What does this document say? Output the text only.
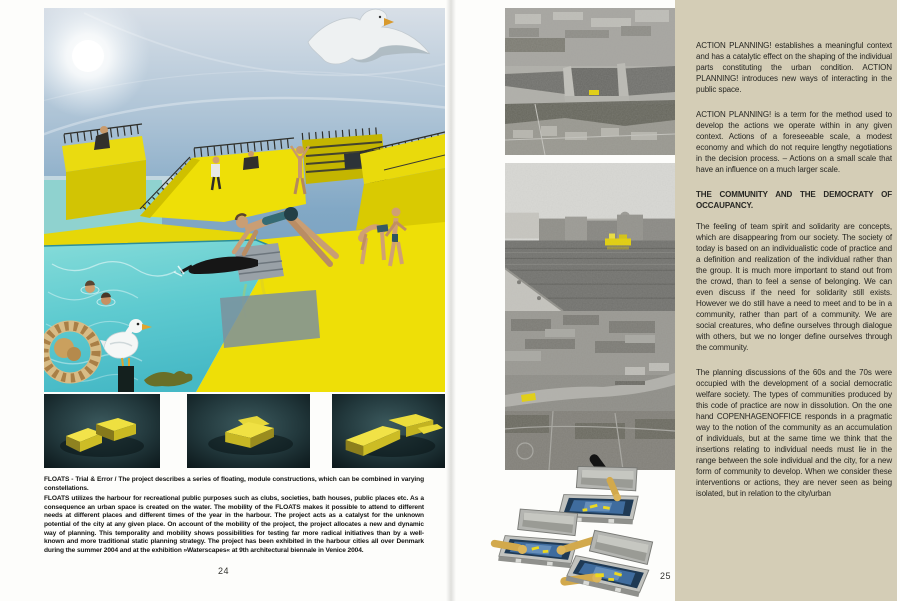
FLOATS - Trial & Error / The project describes a series of floating, module constructions, which can be combined in varying constellations.

FLOATS utilizes the harbour for recreational public purposes such as clubs, societies, bath houses, public places etc. As a consequence an urban space is created on the water. The mobility of the FLOATS makes it possible to attend to different needs at different places and different times of the year in the harbour. The project acts as a catalyst for the unknown potential of the city at any given place. On account of the mobility of the project, the project allocates a new and dynamic way of planning. This temporality and mobility shows possibilities for testing far more radical initiatives than by a well-known and more traditional static planning strategy. The project has been exhibited in the harbour cities all over Denmark during the summer 2004 and at the exhibition »Waterscapes« at 9th architectural biennale in Venice 2004.

24

ACTION PLANNING! establishes a meaningful context and has a catalytic effect on the shaping of the individual parts constituting the urban condition. ACTION PLANNING! introduces new ways of interacting in the public space.

ACTION PLANNING! is a term for the method used to develop the actions we operate within in any given context. Actions of a foreseeable scale, a modest economy and which do not require lengthy negotiations in the decision process. – Actions on a small scale that have an influence on a much larger scale.

THE COMMUNITY AND THE DEMOCRATY OF OCCAUPANCY.

The feeling of team spirit and solidarity are concepts, which are disappearing from our society. The society of today is based on an individualistic code of practice and a definition and realization of the individual rather than the group. It is much more important to stand out from the crowd, than to feel a sense of belonging. We can even discuss if the need for solidarity still exists. However we do still have a need to meet and to be in a community, rather than part of a community. We are social creatures, who define ourselves through dialogue with others, but we no longer define ourselves through the community.

The planning discussions of the 60s and the 70s were occupied with the development of a social democratic welfare society. The types of communities produced by this code of practice are now in dissolution. On the one hand COPENHAGENOFFICE responds in a pragmatic way to the notion of the community as an accumulation of individuals, but at the same time we think that the insertions relating to individual needs must lie in the range between the sole individual and the city, for a new form of community to develop. When we consider these interventions or actions, they are never seen as being isolated, but in relation to the city/urban

25
